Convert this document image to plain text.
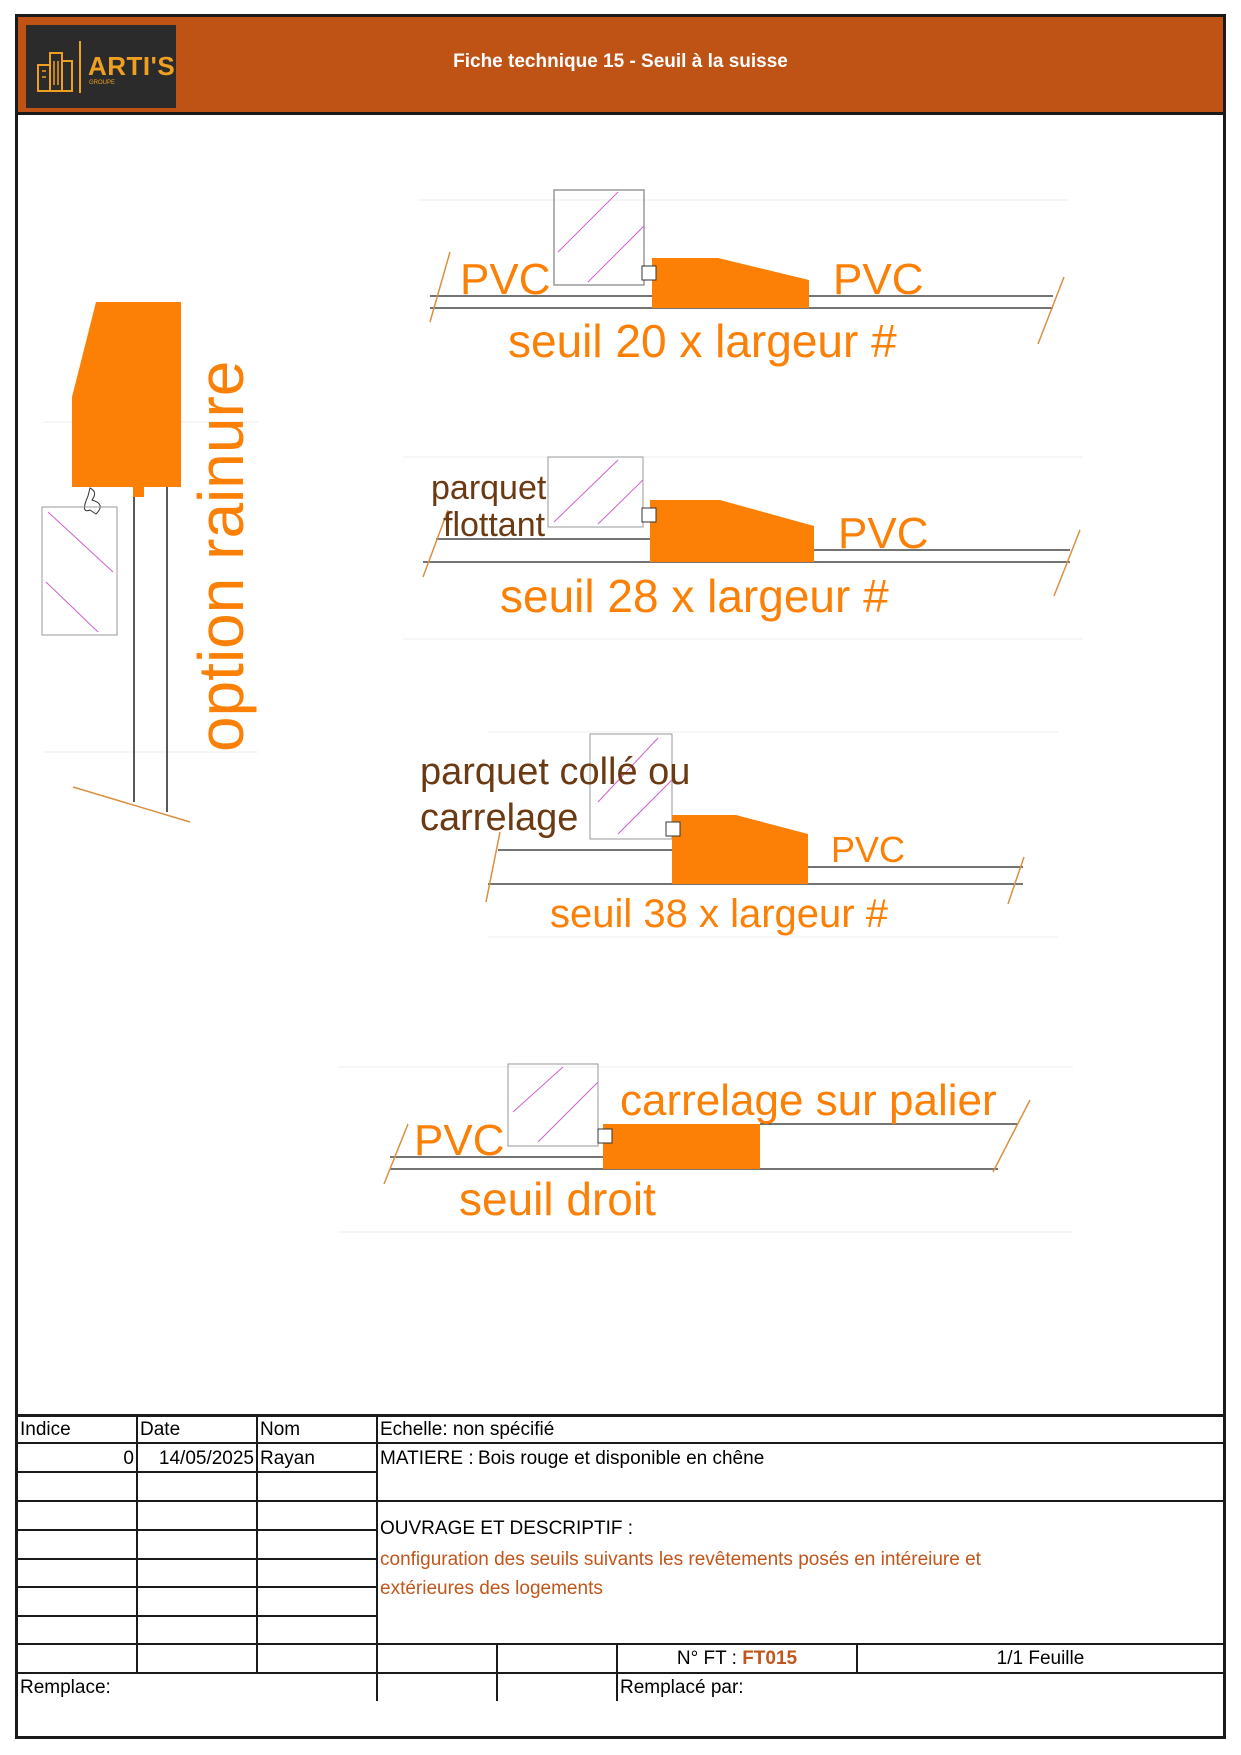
ARTI'S
GROUPE
Fiche technique 15 - Seuil à la suisse
option rainure
PVC	PVC
seuil 20 x largeur #
parquet
flottant	PVC
seuil 28 x largeur #
parquet collé ou
carrelage
PVC
seuil 38 x largeur #
PVC
carrelage sur palier
seuil droit
Indice	Date	Nom	Echelle: non spécifié
0	14/05/2025 Rayan	MATIERE : Bois rouge et disponible en chêne
OUVRAGE ET DESCRIPTIF :
configuration des seuils suivants les revêtements posés en intéreiure et
extérieures des logements
N° FT : FT015	1/1 Feuille
Remplace:	Remplacé par:
